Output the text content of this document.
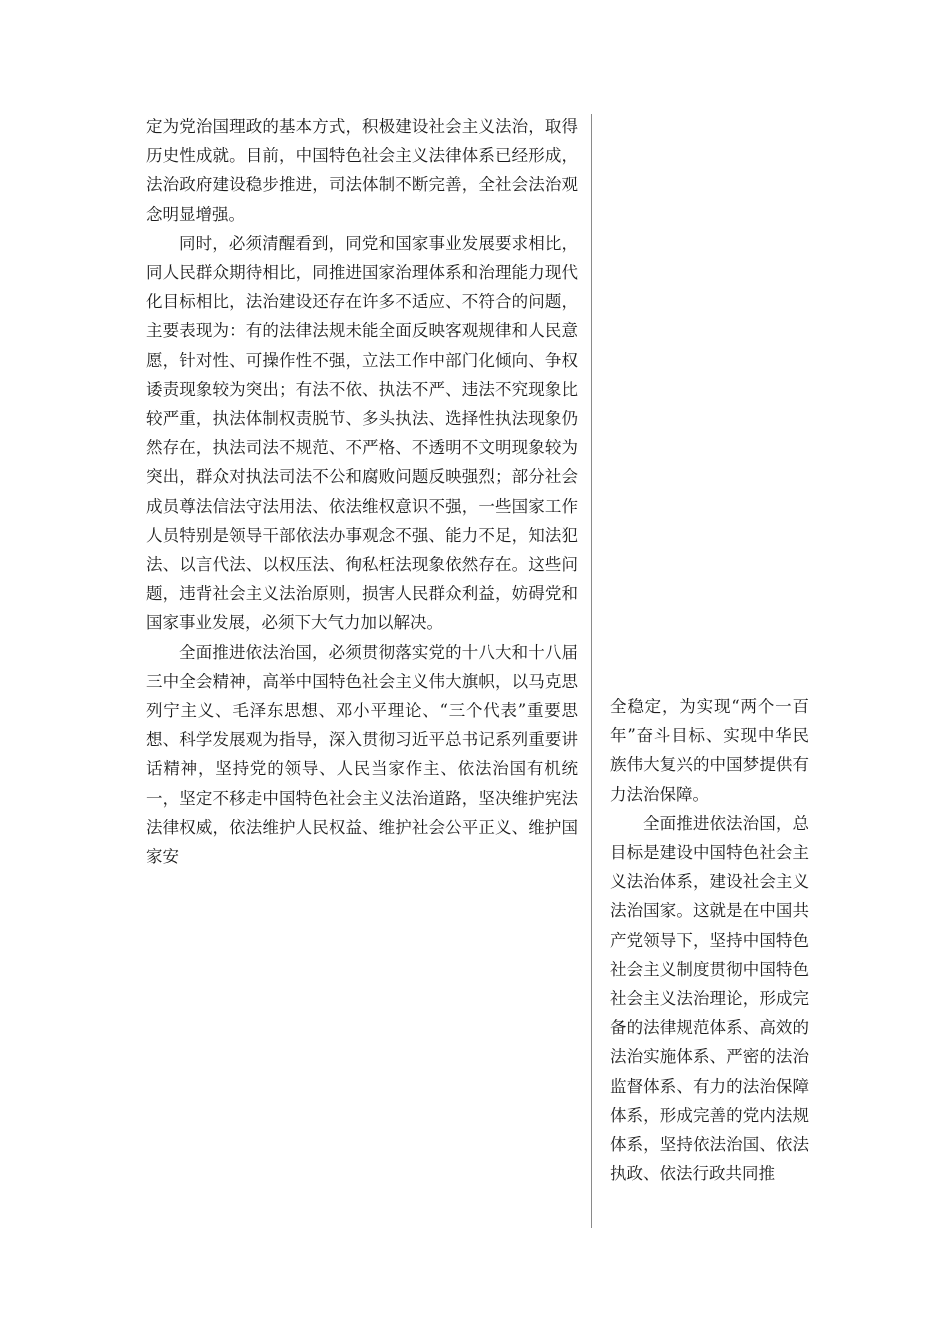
定为党治国理政的基本方式，积极建设社会主义法治，取得历史性成就。目前，中国特色社会主义法律体系已经形成，法治政府建设稳步推进，司法体制不断完善，全社会法治观念明显增强。

同时，必须清醒看到，同党和国家事业发展要求相比，同人民群众期待相比，同推进国家治理体系和治理能力现代化目标相比，法治建设还存在许多不适应、不符合的问题，主要表现为：有的法律法规未能全面反映客观规律和人民意愿，针对性、可操作性不强，立法工作中部门化倾向、争权诿责现象较为突出；有法不依、执法不严、违法不究现象比较严重，执法体制权责脱节、多头执法、选择性执法现象仍然存在，执法司法不规范、不严格、不透明不文明现象较为突出，群众对执法司法不公和腐败问题反映强烈；部分社会成员尊法信法守法用法、依法维权意识不强，一些国家工作人员特别是领导干部依法办事观念不强、能力不足，知法犯法、以言代法、以权压法、徇私枉法现象依然存在。这些问题，违背社会主义法治原则，损害人民群众利益，妨碍党和国家事业发展，必须下大气力加以解决。

全面推进依法治国，必须贯彻落实党的十八大和十八届三中全会精神，高举中国特色社会主义伟大旗帜，以马克思列宁主义、毛泽东思想、邓小平理论、“三个代表”重要思想、科学发展观为指导，深入贯彻习近平总书记系列重要讲话精神，坚持党的领导、人民当家作主、依法治国有机统一，坚定不移走中国特色社会主义法治道路，坚决维护宪法法律权威，依法维护人民权益、维护社会公平正义、维护国家安

全稳定，为实现“两个一百年”奋斗目标、实现中华民族伟大复兴的中国梦提供有力法治保障。

全面推进依法治国，总目标是建设中国特色社会主义法治体系，建设社会主义法治国家。这就是在中国共产党领导下，坚持中国特色社会主义制度贯彻中国特色社会主义法治理论，形成完备的法律规范体系、高效的法治实施体系、严密的法治监督体系、有力的法治保障体系，形成完善的党内法规体系，坚持依法治国、依法执政、依法行政共同推
